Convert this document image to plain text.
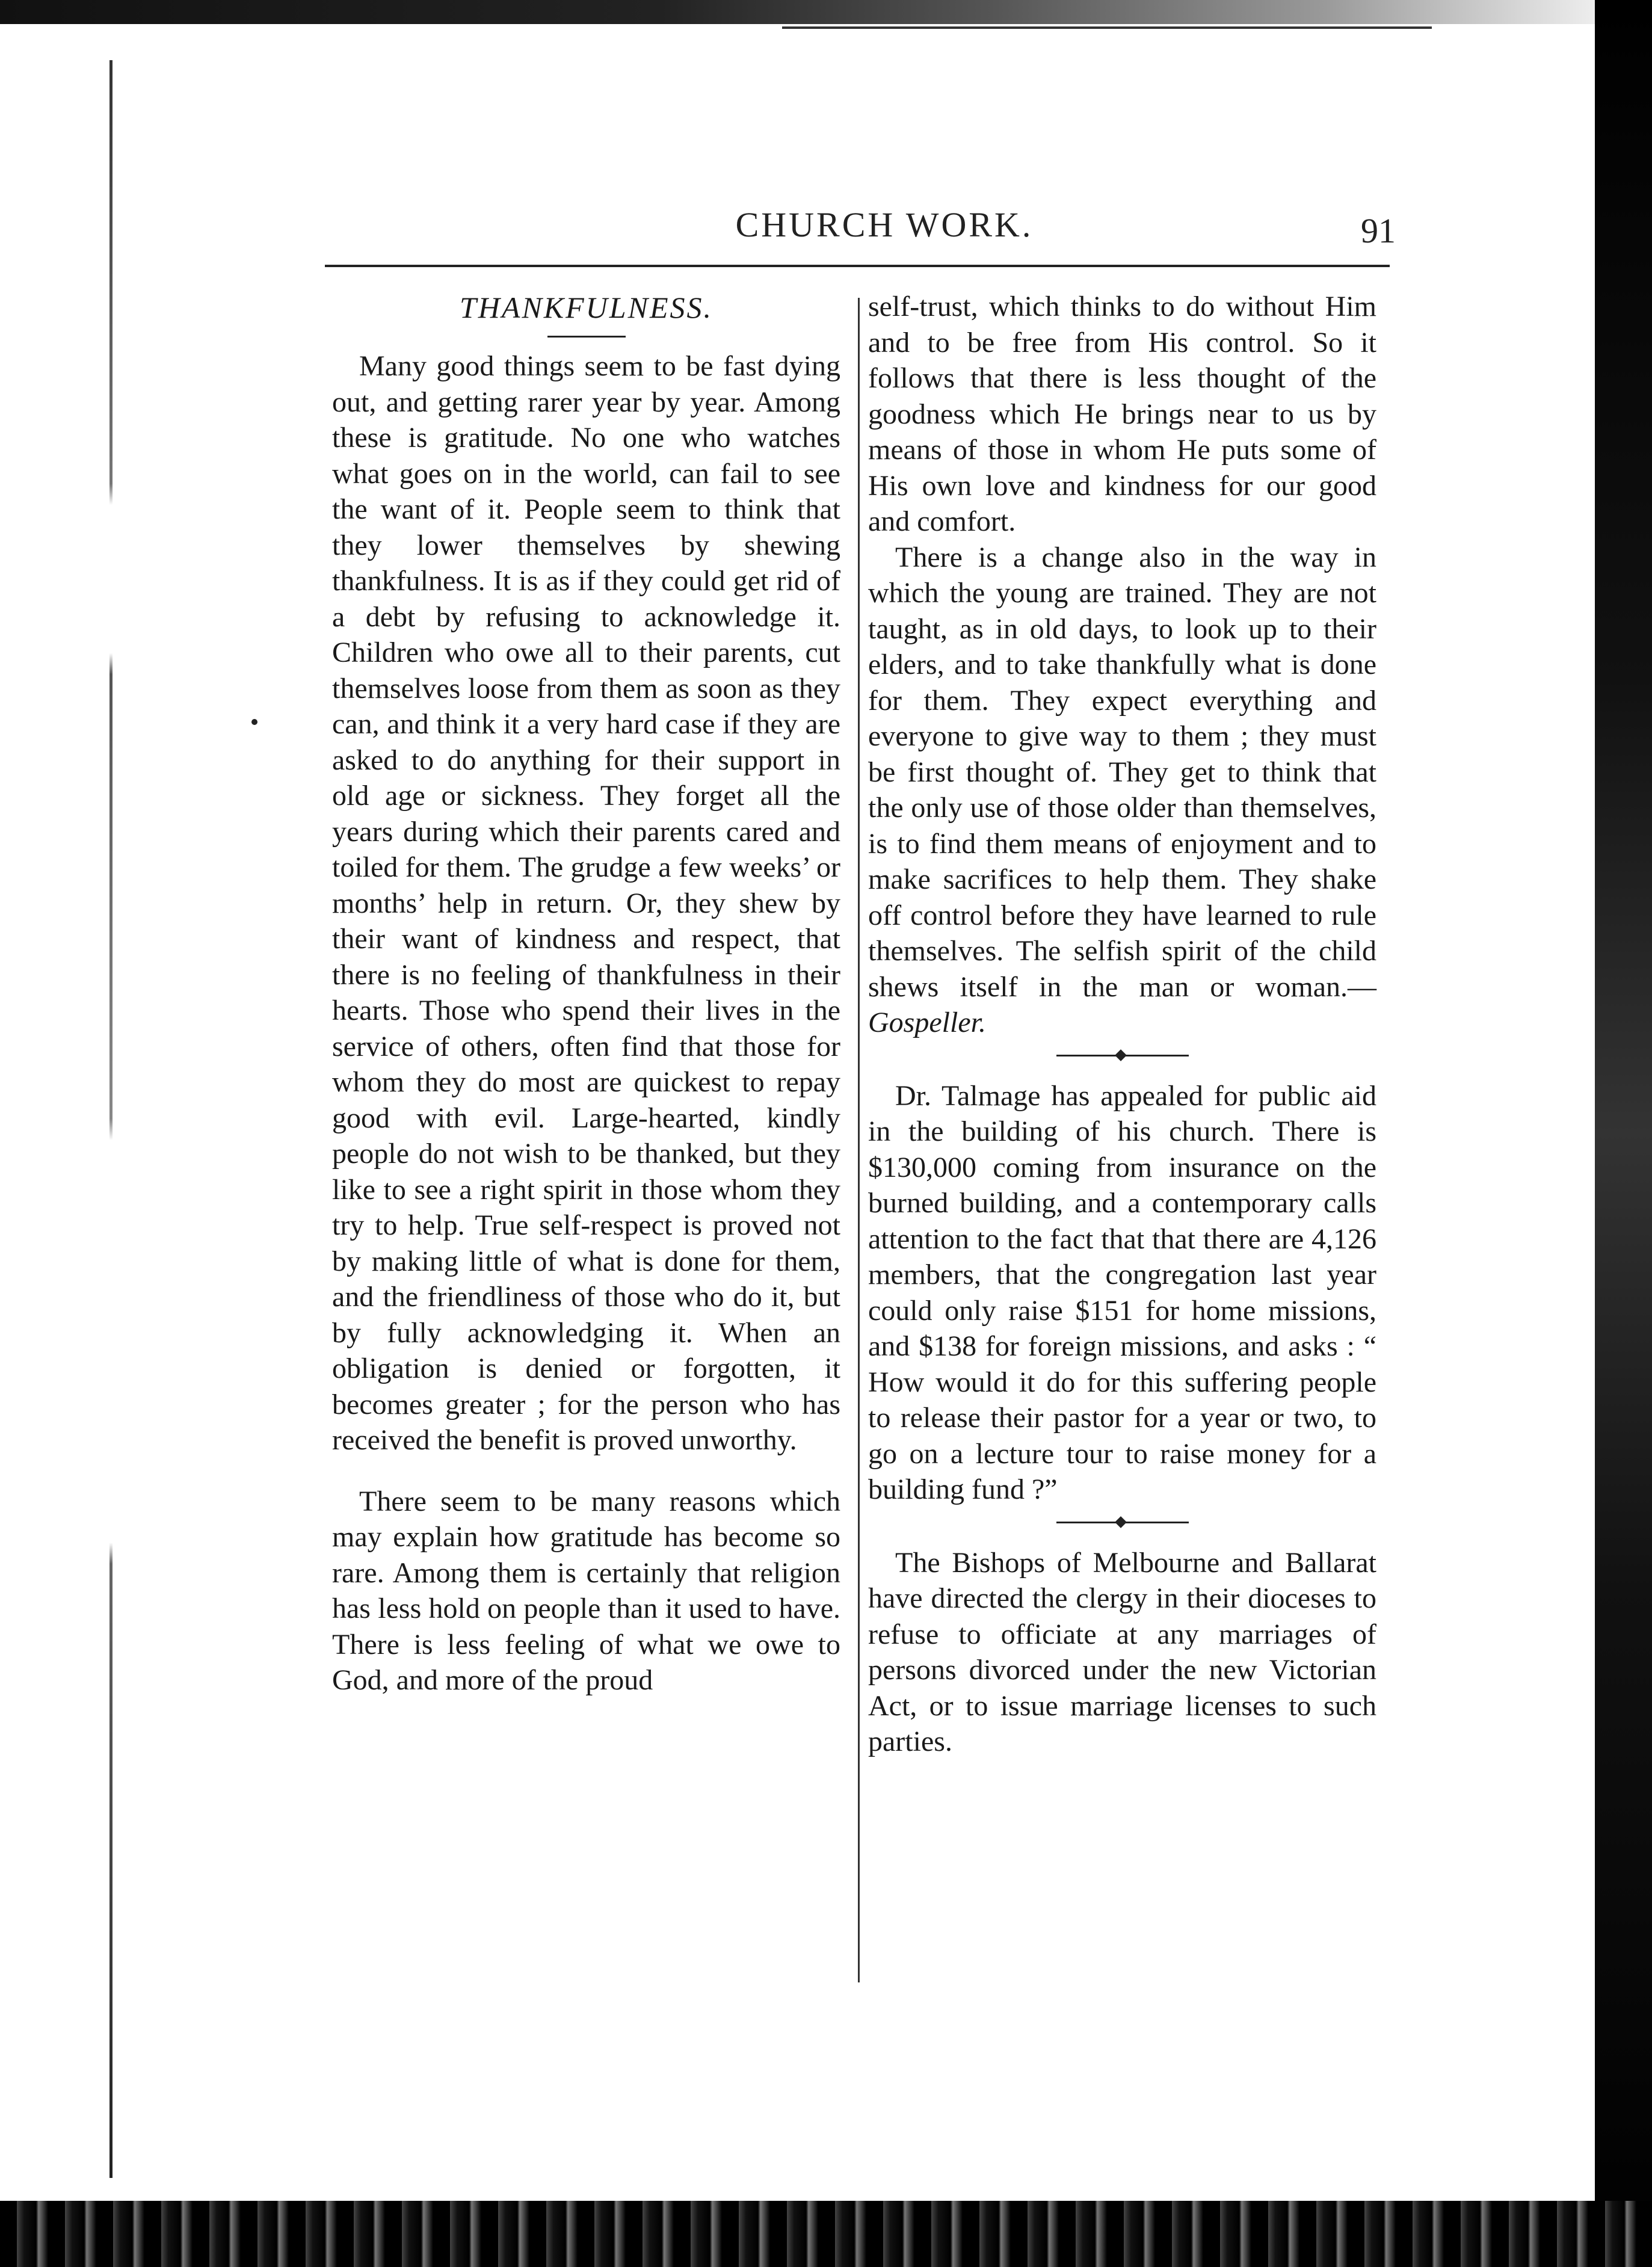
CHURCH WORK.	91

THANKFULNESS.

Many good things seem to be fast dying out, and getting rarer year by year. Among these is gratitude. No one who watches what goes on in the world, can fail to see the want of it. People seem to think that they lower themselves by shewing thankfulness. It is as if they could get rid of a debt by refusing to acknowledge it. Children who owe all to their parents, cut themselves loose from them as soon as they can, and think it a very hard case if they are asked to do anything for their support in old age or sickness. They forget all the years during which their parents cared and toiled for them. The grudge a few weeks’ or months’ help in return. Or, they shew by their want of kindness and respect, that there is no feeling of thankfulness in their hearts. Those who spend their lives in the service of others, often find that those for whom they do most are quickest to repay good with evil. Large-hearted, kindly people do not wish to be thanked, but they like to see a right spirit in those whom they try to help. True self-respect is proved not by making little of what is done for them, and the friendliness of those who do it, but by fully acknowledging it. When an obligation is denied or forgotten, it becomes greater ; for the person who has received the benefit is proved unworthy.

There seem to be many reasons which may explain how gratitude has become so rare. Among them is certainly that religion has less hold on people than it used to have. There is less feeling of what we owe to God, and more of the proud

self-trust, which thinks to do without Him and to be free from His control. So it follows that there is less thought of the goodness which He brings near to us by means of those in whom He puts some of His own love and kindness for our good and comfort.

There is a change also in the way in which the young are trained. They are not taught, as in old days, to look up to their elders, and to take thankfully what is done for them. They expect everything and everyone to give way to them ; they must be first thought of. They get to think that the only use of those older than themselves, is to find them means of enjoyment and to make sacrifices to help them. They shake off control before they have learned to rule themselves. The selfish spirit of the child shews itself in the man or woman.— Gospeller.

Dr. Talmage has appealed for public aid in the building of his church. There is $130,000 coming from insurance on the burned building, and a contemporary calls attention to the fact that that there are 4,126 members, that the congregation last year could only raise $151 for home missions, and $138 for foreign missions, and asks : “ How would it do for this suffering people to release their pastor for a year or two, to go on a lecture tour to raise money for a building fund ?”

The Bishops of Melbourne and Ballarat have directed the clergy in their dioceses to refuse to officiate at any marriages of persons divorced under the new Victorian Act, or to issue marriage licenses to such parties.
